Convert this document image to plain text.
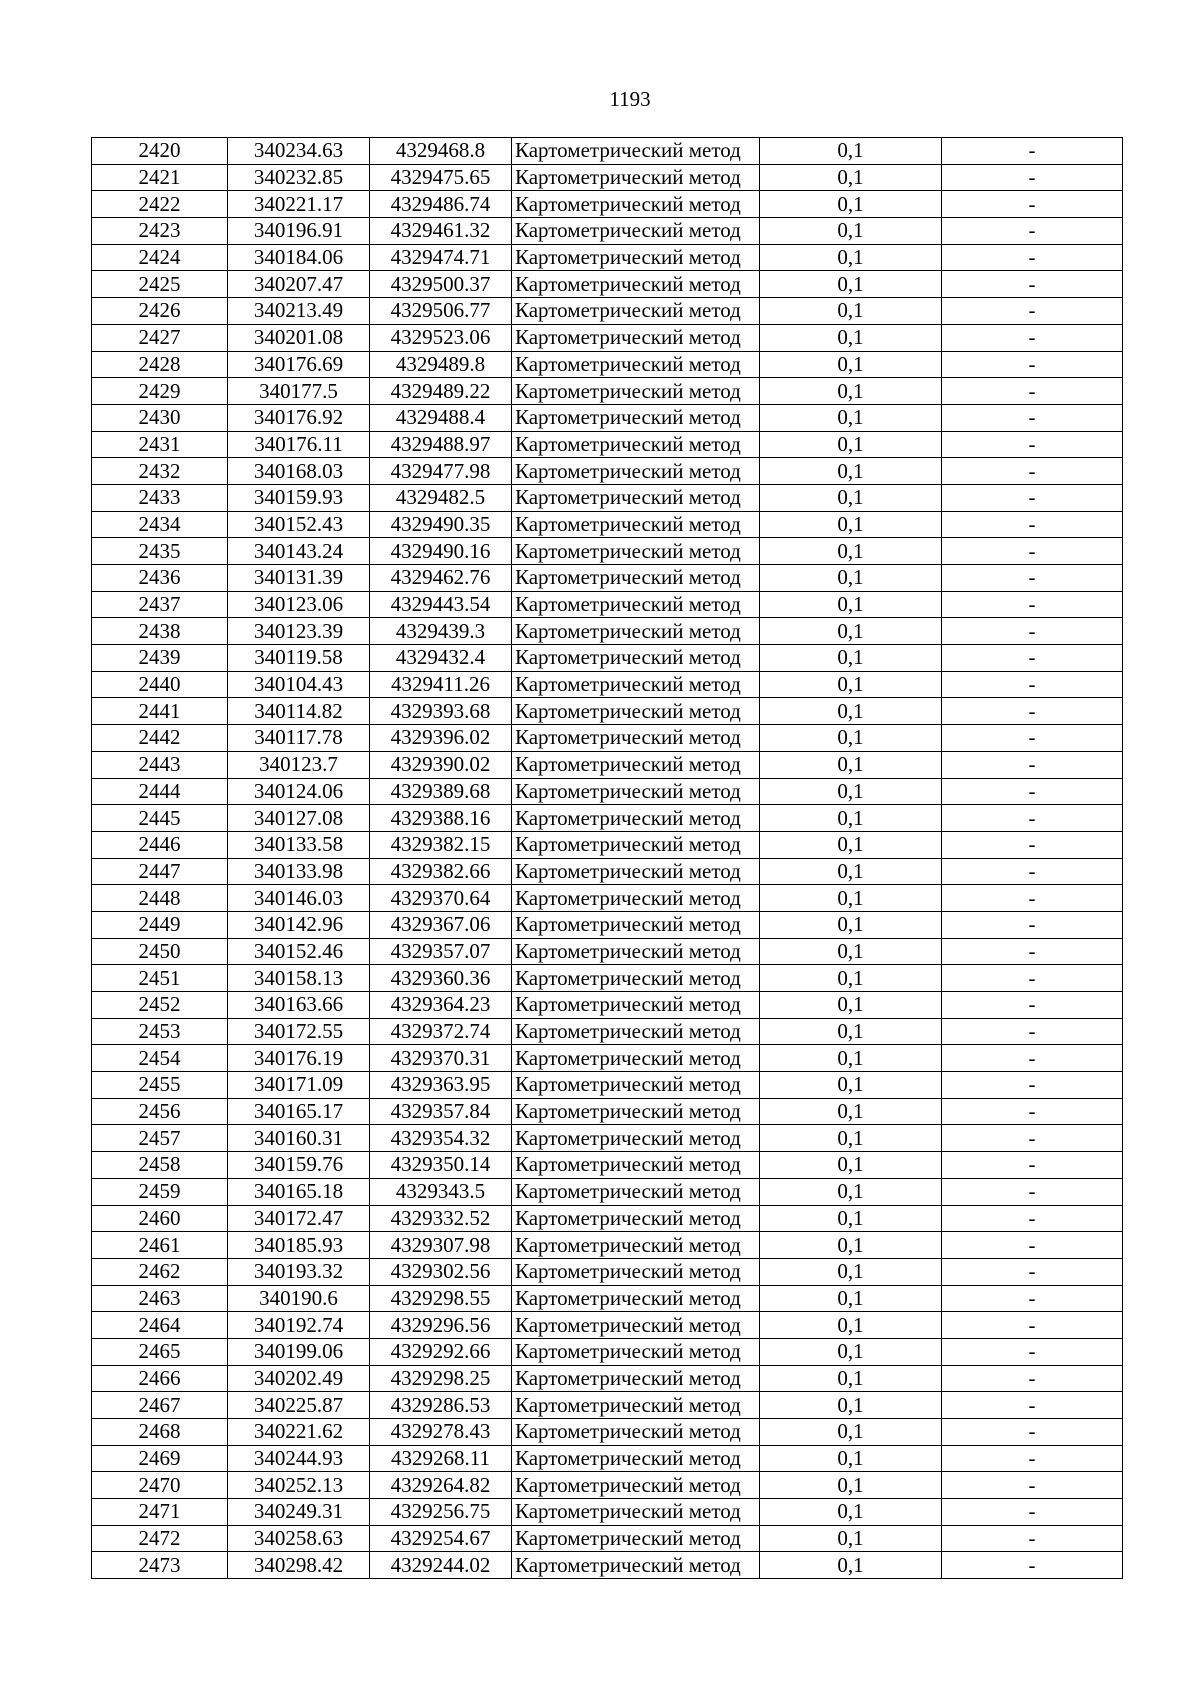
1193
2420	340234.63	4329468.8	Картометрический метод	0,1	-
2421	340232.85	4329475.65	Картометрический метод	0,1	-
2422	340221.17	4329486.74	Картометрический метод	0,1	-
2423	340196.91	4329461.32	Картометрический метод	0,1	-
2424	340184.06	4329474.71	Картометрический метод	0,1	-
2425	340207.47	4329500.37	Картометрический метод	0,1	-
2426	340213.49	4329506.77	Картометрический метод	0,1	-
2427	340201.08	4329523.06	Картометрический метод	0,1	-
2428	340176.69	4329489.8	Картометрический метод	0,1	-
2429	340177.5	4329489.22	Картометрический метод	0,1	-
2430	340176.92	4329488.4	Картометрический метод	0,1	-
2431	340176.11	4329488.97	Картометрический метод	0,1	-
2432	340168.03	4329477.98	Картометрический метод	0,1	-
2433	340159.93	4329482.5	Картометрический метод	0,1	-
2434	340152.43	4329490.35	Картометрический метод	0,1	-
2435	340143.24	4329490.16	Картометрический метод	0,1	-
2436	340131.39	4329462.76	Картометрический метод	0,1	-
2437	340123.06	4329443.54	Картометрический метод	0,1	-
2438	340123.39	4329439.3	Картометрический метод	0,1	-
2439	340119.58	4329432.4	Картометрический метод	0,1	-
2440	340104.43	4329411.26	Картометрический метод	0,1	-
2441	340114.82	4329393.68	Картометрический метод	0,1	-
2442	340117.78	4329396.02	Картометрический метод	0,1	-
2443	340123.7	4329390.02	Картометрический метод	0,1	-
2444	340124.06	4329389.68	Картометрический метод	0,1	-
2445	340127.08	4329388.16	Картометрический метод	0,1	-
2446	340133.58	4329382.15	Картометрический метод	0,1	-
2447	340133.98	4329382.66	Картометрический метод	0,1	-
2448	340146.03	4329370.64	Картометрический метод	0,1	-
2449	340142.96	4329367.06	Картометрический метод	0,1	-
2450	340152.46	4329357.07	Картометрический метод	0,1	-
2451	340158.13	4329360.36	Картометрический метод	0,1	-
2452	340163.66	4329364.23	Картометрический метод	0,1	-
2453	340172.55	4329372.74	Картометрический метод	0,1	-
2454	340176.19	4329370.31	Картометрический метод	0,1	-
2455	340171.09	4329363.95	Картометрический метод	0,1	-
2456	340165.17	4329357.84	Картометрический метод	0,1	-
2457	340160.31	4329354.32	Картометрический метод	0,1	-
2458	340159.76	4329350.14	Картометрический метод	0,1	-
2459	340165.18	4329343.5	Картометрический метод	0,1	-
2460	340172.47	4329332.52	Картометрический метод	0,1	-
2461	340185.93	4329307.98	Картометрический метод	0,1	-
2462	340193.32	4329302.56	Картометрический метод	0,1	-
2463	340190.6	4329298.55	Картометрический метод	0,1	-
2464	340192.74	4329296.56	Картометрический метод	0,1	-
2465	340199.06	4329292.66	Картометрический метод	0,1	-
2466	340202.49	4329298.25	Картометрический метод	0,1	-
2467	340225.87	4329286.53	Картометрический метод	0,1	-
2468	340221.62	4329278.43	Картометрический метод	0,1	-
2469	340244.93	4329268.11	Картометрический метод	0,1	-
2470	340252.13	4329264.82	Картометрический метод	0,1	-
2471	340249.31	4329256.75	Картометрический метод	0,1	-
2472	340258.63	4329254.67	Картометрический метод	0,1	-
2473	340298.42	4329244.02	Картометрический метод	0,1	-
